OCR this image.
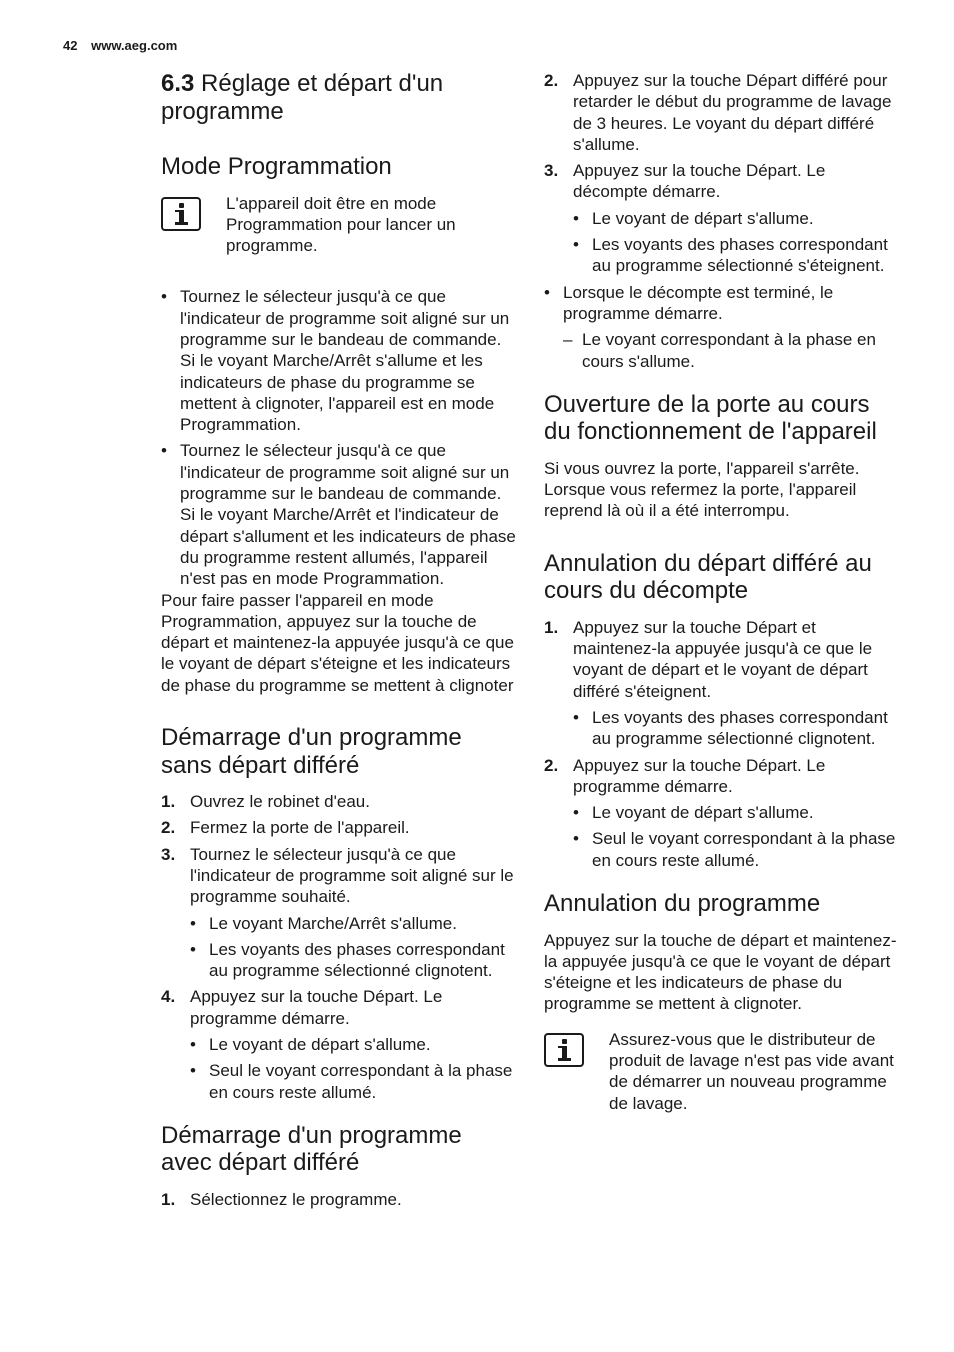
42 www.aeg.com
6.3 Réglage et départ d'un programme
Mode Programmation

L'appareil doit être en mode Programmation pour lancer un programme.

• Tournez le sélecteur jusqu'à ce que l'indicateur de programme soit aligné sur un programme sur le bandeau de commande. Si le voyant Marche/Arrêt s'allume et les indicateurs de phase du programme se mettent à clignoter, l'appareil est en mode Programmation.
• Tournez le sélecteur jusqu'à ce que l'indicateur de programme soit aligné sur un programme sur le bandeau de commande. Si le voyant Marche/Arrêt et l'indicateur de départ s'allument et les indicateurs de phase du programme restent allumés, l'appareil n'est pas en mode Programmation.

Pour faire passer l'appareil en mode Programmation, appuyez sur la touche de départ et maintenez-la appuyée jusqu'à ce que le voyant de départ s'éteigne et les indicateurs de phase du programme se mettent à clignoter

Démarrage d'un programme sans départ différé
1. Ouvrez le robinet d'eau.
2. Fermez la porte de l'appareil.
3. Tournez le sélecteur jusqu'à ce que l'indicateur de programme soit aligné sur le programme souhaité.
• Le voyant Marche/Arrêt s'allume.
• Les voyants des phases correspondant au programme sélectionné clignotent.
4. Appuyez sur la touche Départ. Le programme démarre.
• Le voyant de départ s'allume.
• Seul le voyant correspondant à la phase en cours reste allumé.
Démarrage d'un programme avec départ différé
1. Sélectionnez le programme.
2. Appuyez sur la touche Départ différé pour retarder le début du programme de lavage de 3 heures. Le voyant du départ différé s'allume.
3. Appuyez sur la touche Départ. Le décompte démarre.
• Le voyant de départ s'allume.
• Les voyants des phases correspondant au programme sélectionné s'éteignent.
• Lorsque le décompte est terminé, le programme démarre.
– Le voyant correspondant à la phase en cours s'allume.
Ouverture de la porte au cours du fonctionnement de l'appareil

Si vous ouvrez la porte, l'appareil s'arrête. Lorsque vous refermez la porte, l'appareil reprend là où il a été interrompu.

Annulation du départ différé au cours du décompte
1. Appuyez sur la touche Départ et maintenez-la appuyée jusqu'à ce que le voyant de départ et le voyant de départ différé s'éteignent.
• Les voyants des phases correspondant au programme sélectionné clignotent.
2. Appuyez sur la touche Départ. Le programme démarre.
• Le voyant de départ s'allume.
• Seul le voyant correspondant à la phase en cours reste allumé.
Annulation du programme

Appuyez sur la touche de départ et maintenez-la appuyée jusqu'à ce que le voyant de départ s'éteigne et les indicateurs de phase du programme se mettent à clignoter.

Assurez-vous que le distributeur de produit de lavage n'est pas vide avant de démarrer un nouveau programme de lavage.
